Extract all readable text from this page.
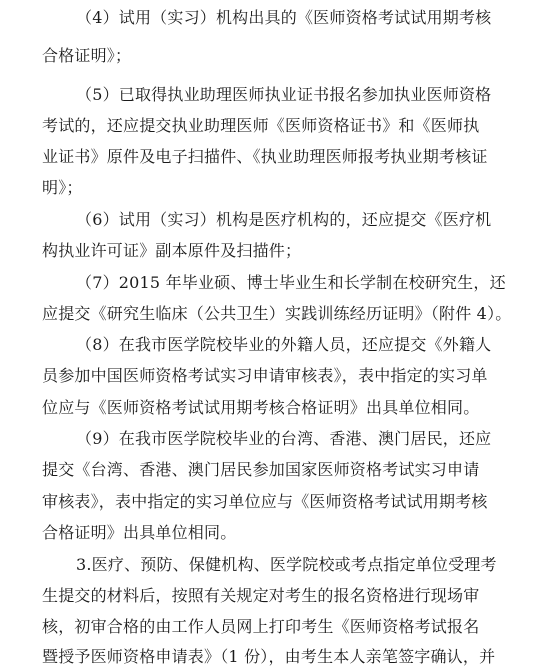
（4）试用（实习）机构出具的《医师资格考试试用期考核
合格证明》；
（5）已取得执业助理医师执业证书报名参加执业医师资格
考试的，还应提交执业助理医师《医师资格证书》和《医师执
业证书》原件及电子扫描件、《执业助理医师报考执业期考核证
明》；
（6）试用（实习）机构是医疗机构的，还应提交《医疗机
构执业许可证》副本原件及扫描件；
（7）2015 年毕业硕、博士毕业生和长学制在校研究生，还
应提交《研究生临床（公共卫生）实践训练经历证明》（附件 4）。
（8）在我市医学院校毕业的外籍人员，还应提交《外籍人
员参加中国医师资格考试实习申请审核表》，表中指定的实习单
位应与《医师资格考试试用期考核合格证明》出具单位相同。
（9）在我市医学院校毕业的台湾、香港、澳门居民，还应
提交《台湾、香港、澳门居民参加国家医师资格考试实习申请
审核表》，表中指定的实习单位应与《医师资格考试试用期考核
合格证明》出具单位相同。
3.医疗、预防、保健机构、医学院校或考点指定单位受理考
生提交的材料后，按照有关规定对考生的报名资格进行现场审
核，初审合格的由工作人员网上打印考生《医师资格考试报名
暨授予医师资格申请表》（1 份），由考生本人亲笔签字确认，并
